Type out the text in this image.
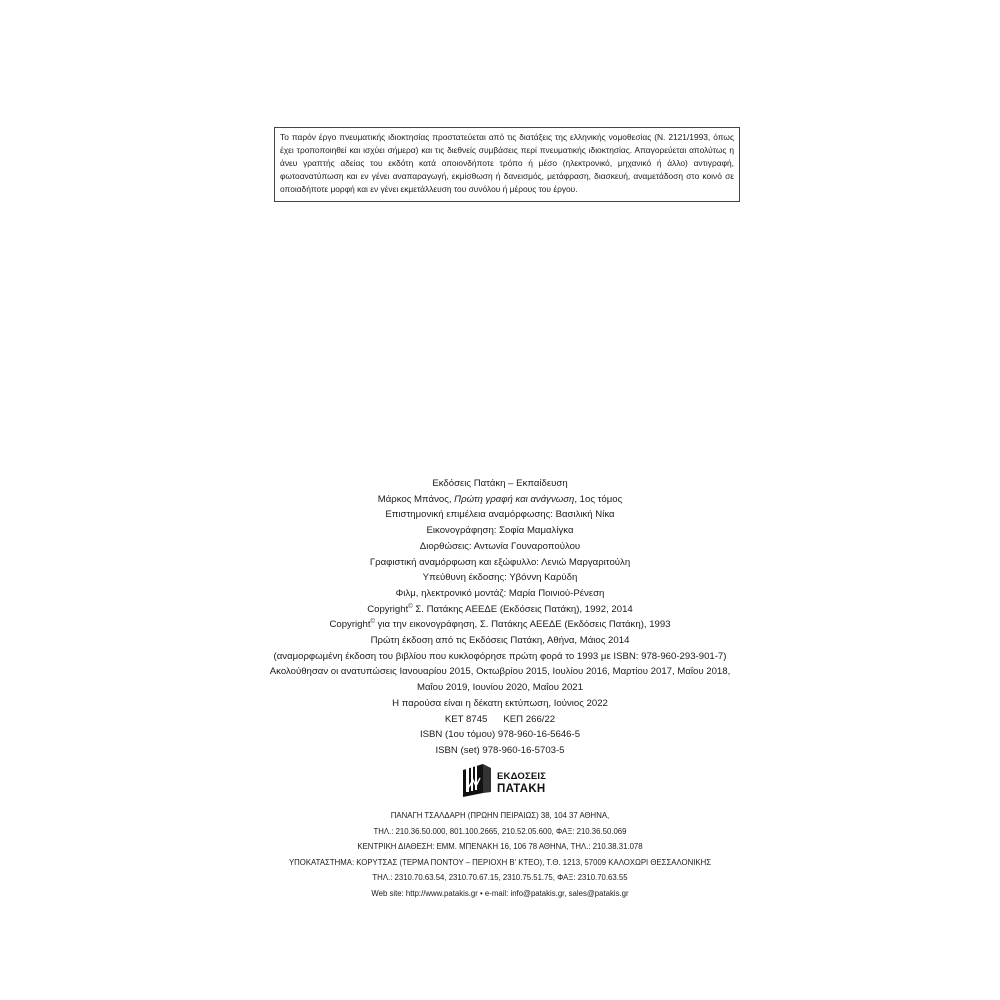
Το παρόν έργο πνευματικής ιδιοκτησίας προστατεύεται από τις διατάξεις της ελληνικής νομοθεσίας (Ν. 2121/1993, όπως έχει τροποποιηθεί και ισχύει σήμερα) και τις διεθνείς συμβάσεις περί πνευματικής ιδιοκτησίας. Απαγορεύεται απολύτως η άνευ γραπτής αδείας του εκδότη κατά οποιονδήποτε τρόπο ή μέσο (ηλεκτρονικό, μηχανικό ή άλλο) αντιγραφή, φωτοανατύπωση και εν γένει αναπαραγωγή, εκμίσθωση ή δανεισμός, μετάφραση, διασκευή, αναμετάδοση στο κοινό σε οποιαδήποτε μορφή και εν γένει εκμετάλλευση του συνόλου ή μέρους του έργου.
Εκδόσεις Πατάκη – Εκπαίδευση
Μάρκος Μπάνος, Πρώτη γραφή και ανάγνωση, 1ος τόμος
Επιστημονική επιμέλεια αναμόρφωσης: Βασιλική Νίκα
Εικονογράφηση: Σοφία Μαμαλίγκα
Διορθώσεις: Αντωνία Γουναροπούλου
Γραφιστική αναμόρφωση και εξώφυλλο: Λενιώ Μαργαριτούλη
Υπεύθυνη έκδοσης: Υβόννη Καρύδη
Φιλμ, ηλεκτρονικό μοντάζ: Μαρία Ποινιού-Ρένεση
Copyright© Σ. Πατάκης ΑΕΕΔΕ (Εκδόσεις Πατάκη), 1992, 2014
Copyright© για την εικονογράφηση, Σ. Πατάκης ΑΕΕΔΕ (Εκδόσεις Πατάκη), 1993
Πρώτη έκδοση από τις Εκδόσεις Πατάκη, Αθήνα, Μάιος 2014
(αναμορφωμένη έκδοση του βιβλίου που κυκλοφόρησε πρώτη φορά το 1993 με ISBN: 978-960-293-901-7)
Ακολούθησαν οι ανατυπώσεις Ιανουαρίου 2015, Οκτωβρίου 2015, Ιουλίου 2016, Μαρτίου 2017, Μαΐου 2018,
Μαΐου 2019, Ιουνίου 2020, Μαΐου 2021
Η παρούσα είναι η δέκατη εκτύπωση, Ιούνιος 2022
ΚΕΤ 8745 ΚΕΠ 266/22
ISBN (1ου τόμου) 978-960-16-5646-5
ISBN (set) 978-960-16-5703-5
ΕΚΔΟΣΕΙΣ
ΠΑΤΑΚΗ
ΠΑΝΑΓΗ ΤΣΑΛΔΑΡΗ (ΠΡΩΗΝ ΠΕΙΡΑΙΩΣ) 38, 104 37 ΑΘΗΝΑ,
ΤΗΛ.: 210.36.50.000, 801.100.2665, 210.52.05.600, ΦΑΞ: 210.36.50.069
ΚΕΝΤΡΙΚΗ ΔΙΑΘΕΣΗ: ΕΜΜ. ΜΠΕΝΑΚΗ 16, 106 78 ΑΘΗΝΑ, ΤΗΛ.: 210.38.31.078
ΥΠΟΚΑΤΑΣΤΗΜΑ: ΚΟΡΥΤΣΑΣ (ΤΕΡΜΑ ΠΟΝΤΟΥ – ΠΕΡΙΟΧΗ Β' ΚΤΕΟ), Τ.Θ. 1213, 57009 ΚΑΛΟΧΩΡΙ ΘΕΣΣΑΛΟΝΙΚΗΣ
ΤΗΛ.: 2310.70.63.54, 2310.70.67.15, 2310.75.51.75, ΦΑΞ: 2310.70.63.55
Web site: http://www.patakis.gr • e-mail: info@patakis.gr, sales@patakis.gr
